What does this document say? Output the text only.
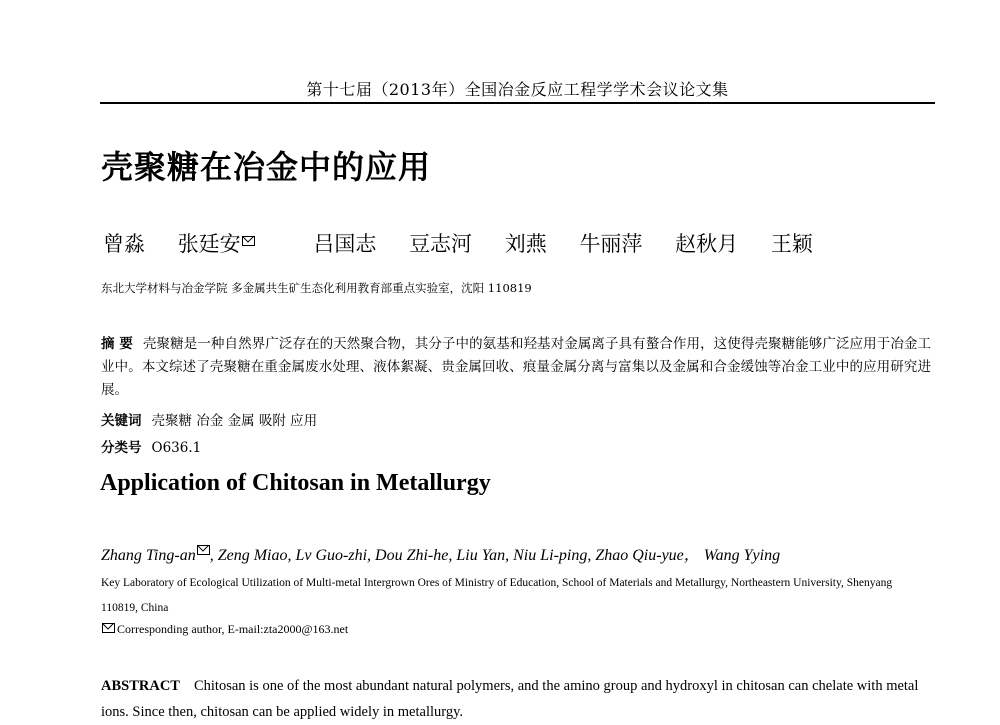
第十七届（2013年）全国冶金反应工程学学术会议论文集
壳聚糖在冶金中的应用
曾淼 张廷安	吕国志 豆志河 刘燕 牛丽萍 赵秋月 王颖
东北大学材料与冶金学院 多金属共生矿生态化利用教育部重点实验室，沈阳 110819
摘 要 壳聚糖是一种自然界广泛存在的天然聚合物，其分子中的氨基和羟基对金属离子具有螯合作用，这使得壳聚糖能够广泛应用于冶金工业中。本文综述了壳聚糖在重金属废水处理、液体絮凝、贵金属回收、痕量金属分离与富集以及金属和合金缓蚀等冶金工业中的应用研究进展。
关键词 壳聚糖 冶金 金属 吸附 应用
分类号 O636.1
Application of Chitosan in Metallurgy
Zhang Ting-an , Zeng Miao, Lv Guo-zhi, Dou Zhi-he, Liu Yan, Niu Li-ping, Zhao Qiu-yue， Wang Yying
Key Laboratory of Ecological Utilization of Multi-metal Intergrown Ores of Ministry of Education, School of Materials and Metallurgy, Northeastern University, Shenyang 110819, China
Corresponding author, E-mail:zta2000@163.net
ABSTRACT Chitosan is one of the most abundant natural polymers, and the amino group and hydroxyl in chitosan can chelate with metal ions. Since then, chitosan can be applied widely in metallurgy.
